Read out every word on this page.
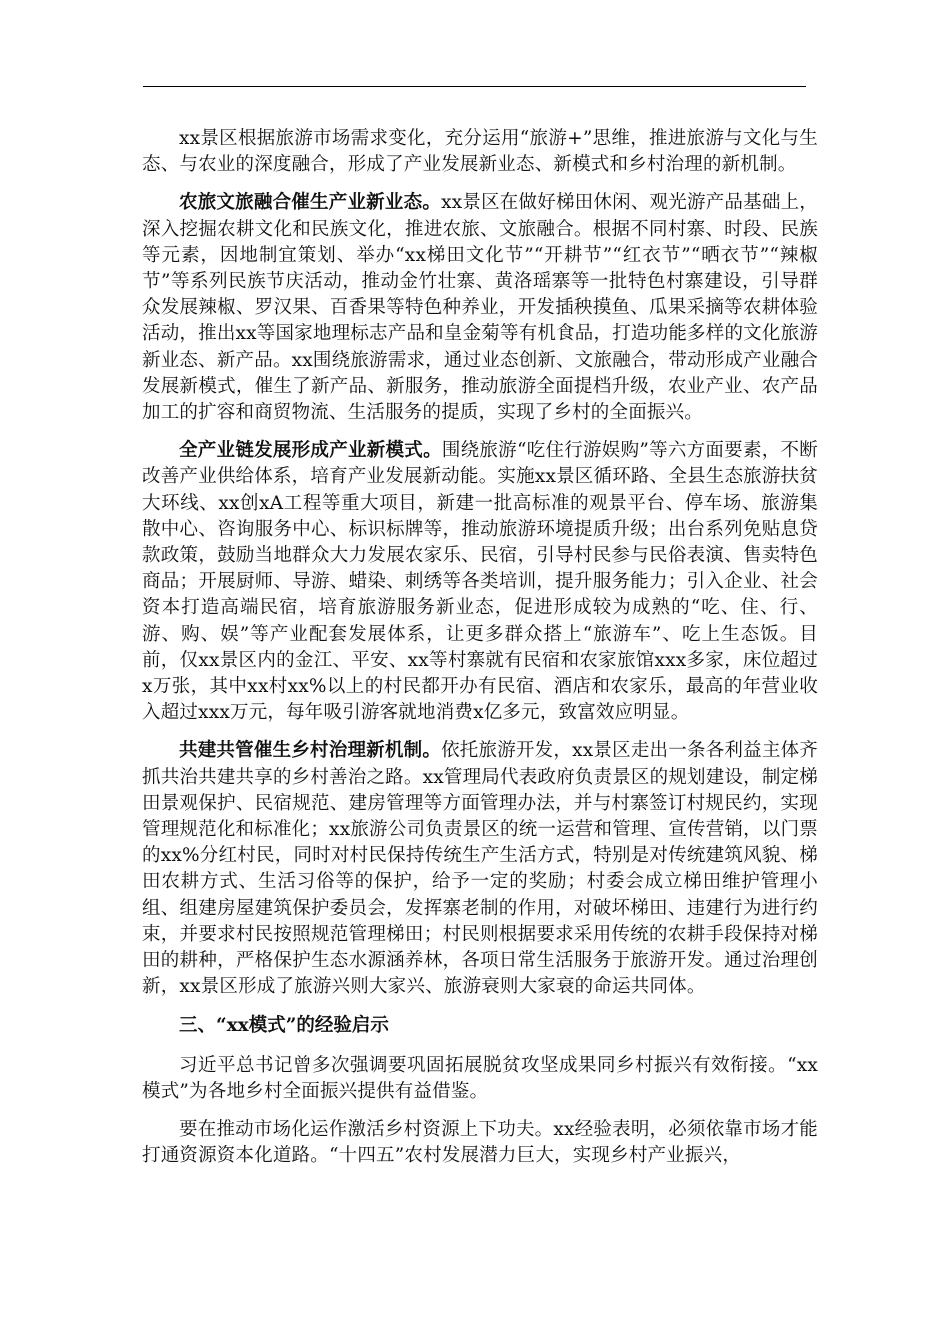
xx景区根据旅游市场需求变化，充分运用“旅游+”思维，推进旅游与文化与生态、与农业的深度融合，形成了产业发展新业态、新模式和乡村治理的新机制。

农旅文旅融合催生产业新业态。xx景区在做好梯田休闲、观光游产品基础上，深入挖掘农耕文化和民族文化，推进农旅、文旅融合。根据不同村寨、时段、民族等元素，因地制宜策划、举办“xx梯田文化节”“开耕节”“红衣节”“晒衣节”“辣椒节”等系列民族节庆活动，推动金竹壮寨、黄洛瑶寨等一批特色村寨建设，引导群众发展辣椒、罗汉果、百香果等特色种养业，开发插秧摸鱼、瓜果采摘等农耕体验活动，推出xx等国家地理标志产品和皇金菊等有机食品，打造功能多样的文化旅游新业态、新产品。xx围绕旅游需求，通过业态创新、文旅融合，带动形成产业融合发展新模式，催生了新产品、新服务，推动旅游全面提档升级，农业产业、农产品加工的扩容和商贸物流、生活服务的提质，实现了乡村的全面振兴。

全产业链发展形成产业新模式。围绕旅游“吃住行游娱购”等六方面要素，不断改善产业供给体系，培育产业发展新动能。实施xx景区循环路、全县生态旅游扶贫大环线、xx创xA工程等重大项目，新建一批高标准的观景平台、停车场、旅游集散中心、咨询服务中心、标识标牌等，推动旅游环境提质升级；出台系列免贴息贷款政策，鼓励当地群众大力发展农家乐、民宿，引导村民参与民俗表演、售卖特色商品；开展厨师、导游、蜡染、刺绣等各类培训，提升服务能力；引入企业、社会资本打造高端民宿，培育旅游服务新业态，促进形成较为成熟的“吃、住、行、游、购、娱”等产业配套发展体系，让更多群众搭上“旅游车”、吃上生态饭。目前，仅xx景区内的金江、平安、xx等村寨就有民宿和农家旅馆xxx多家，床位超过x万张，其中xx村xx%以上的村民都开办有民宿、酒店和农家乐，最高的年营业收入超过xxx万元，每年吸引游客就地消费x亿多元，致富效应明显。

共建共管催生乡村治理新机制。依托旅游开发，xx景区走出一条各利益主体齐抓共治共建共享的乡村善治之路。xx管理局代表政府负责景区的规划建设，制定梯田景观保护、民宿规范、建房管理等方面管理办法，并与村寨签订村规民约，实现管理规范化和标准化；xx旅游公司负责景区的统一运营和管理、宣传营销，以门票的xx%分红村民，同时对村民保持传统生产生活方式，特别是对传统建筑风貌、梯田农耕方式、生活习俗等的保护，给予一定的奖励；村委会成立梯田维护管理小组、组建房屋建筑保护委员会，发挥寨老制的作用，对破坏梯田、违建行为进行约束，并要求村民按照规范管理梯田；村民则根据要求采用传统的农耕手段保持对梯田的耕种，严格保护生态水源涵养林，各项日常生活服务于旅游开发。通过治理创新，xx景区形成了旅游兴则大家兴、旅游衰则大家衰的命运共同体。

三、“xx模式”的经验启示

习近平总书记曾多次强调要巩固拓展脱贫攻坚成果同乡村振兴有效衔接。“xx模式”为各地乡村全面振兴提供有益借鉴。

要在推动市场化运作激活乡村资源上下功夫。xx经验表明，必须依靠市场才能打通资源资本化道路。“十四五”农村发展潜力巨大，实现乡村产业振兴，
